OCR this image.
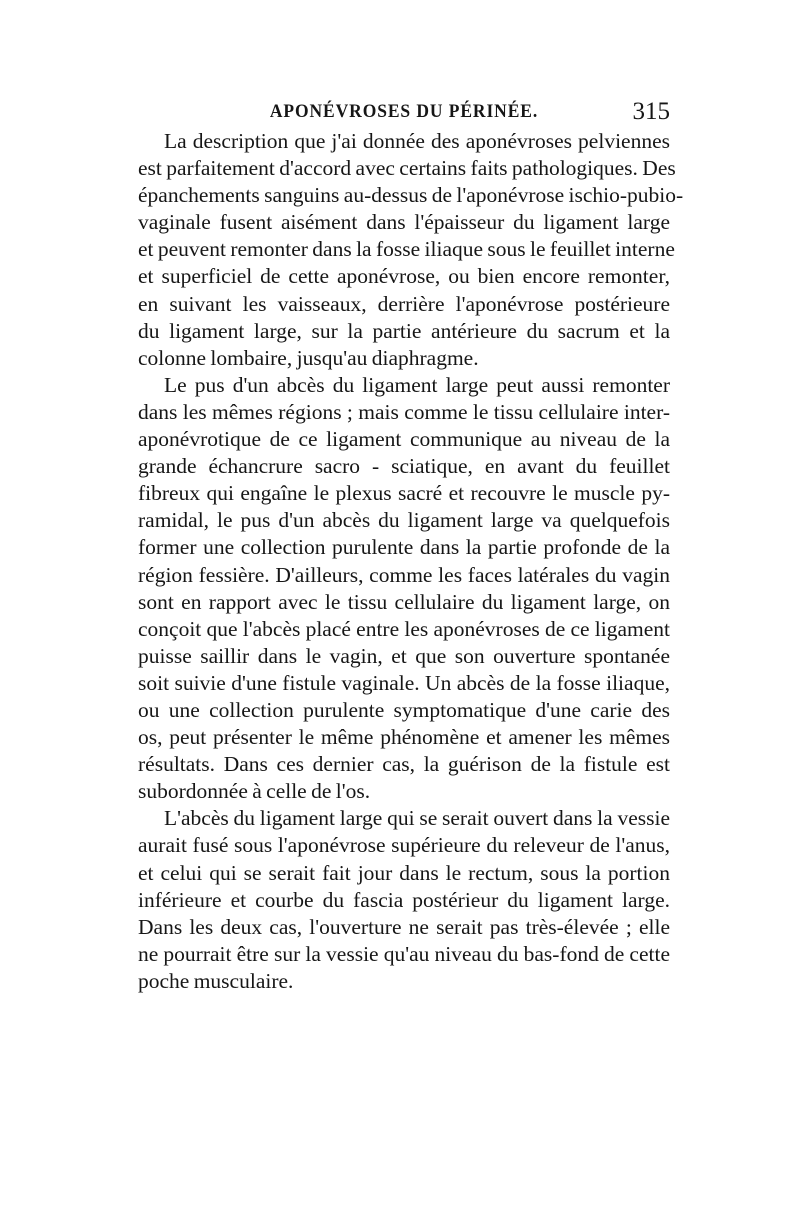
APONÉVROSES DU PÉRINÉE.	315
La description que j'ai donnée des aponévroses pelviennes
est parfaitement d'accord avec certains faits pathologiques. Des
épanchements sanguins au-dessus de l'aponévrose ischio-pubio-
vaginale fusent aisément dans l'épaisseur du ligament large
et peuvent remonter dans la fosse iliaque sous le feuillet interne
et superficiel de cette aponévrose, ou bien encore remonter,
en suivant les vaisseaux, derrière l'aponévrose postérieure
du ligament large, sur la partie antérieure du sacrum et la
colonne lombaire, jusqu'au diaphragme.
Le pus d'un abcès du ligament large peut aussi remonter
dans les mêmes régions ; mais comme le tissu cellulaire inter-
aponévrotique de ce ligament communique au niveau de la
grande échancrure sacro - sciatique, en avant du feuillet
fibreux qui engaîne le plexus sacré et recouvre le muscle py-
ramidal, le pus d'un abcès du ligament large va quelquefois
former une collection purulente dans la partie profonde de la
région fessière. D'ailleurs, comme les faces latérales du vagin
sont en rapport avec le tissu cellulaire du ligament large, on
conçoit que l'abcès placé entre les aponévroses de ce ligament
puisse saillir dans le vagin, et que son ouverture spontanée
soit suivie d'une fistule vaginale. Un abcès de la fosse iliaque,
ou une collection purulente symptomatique d'une carie des
os, peut présenter le même phénomène et amener les mêmes
résultats. Dans ces dernier cas, la guérison de la fistule est
subordonnée à celle de l'os.
L'abcès du ligament large qui se serait ouvert dans la vessie
aurait fusé sous l'aponévrose supérieure du releveur de l'anus,
et celui qui se serait fait jour dans le rectum, sous la portion
inférieure et courbe du fascia postérieur du ligament large.
Dans les deux cas, l'ouverture ne serait pas très-élevée ; elle
ne pourrait être sur la vessie qu'au niveau du bas-fond de cette
poche musculaire.
